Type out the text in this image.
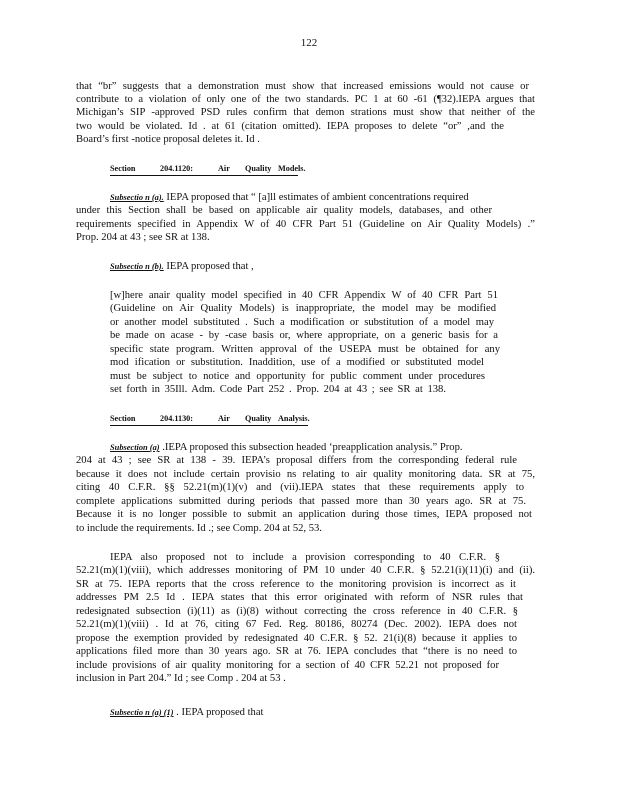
122
that “br” suggests that a demonstration must show that increased emissions would not cause or
contribute to a violation of only one of the two standards. PC 1 at 60 -61 (¶32).IEPA argues that
Michigan’s SIP -approved PSD rules confirm that demon strations must show that neither of the
two would be violated. Id . at 61 (citation omitted). IEPA proposes to delete “or” ,and the
Board’s first -notice proposal deletes it. Id .
Section	204.1120:	Air Quality Models.
Subsectio n (a). IEPA proposed that “ [a]ll estimates of ambient concentrations required
under this Section shall be based on applicable air quality models, databases, and other
requirements specified in Appendix W of 40 CFR Part 51 (Guideline on Air Quality Models) .”
Prop. 204 at 43 ; see SR at 138.
Subsectio n (b). IEPA proposed that ,
[w]here anair quality model specified in 40 CFR Appendix W of 40 CFR Part 51
(Guideline on Air Quality Models) is inappropriate, the model may be modified
or another model substituted . Such a modification or substitution of a model may
be made on acase - by -case basis or, where appropriate, on a generic basis for a
specific state program. Written approval of the USEPA must be obtained for any
mod ification or substitution. Inaddition, use of a modified or substituted model
must be subject to notice and opportunity for public comment under procedures
set forth in 35Ill. Adm. Code Part 252 . Prop. 204 at 43 ; see SR at 138.
Section	204.1130:	Air Quality Analysis.
Subsection (a) .IEPA proposed this subsection headed ‘preapplication analysis.” Prop.
204 at 43 ; see SR at 138 - 39. IEPA’s proposal differs from the corresponding federal rule
because it does not include certain provisio ns relating to air quality monitoring data. SR at 75,
citing 40 C.F.R. §§ 52.21(m)(1)(v) and (vii).IEPA states that these requirements apply to
complete applications submitted during periods that passed more than 30 years ago. SR at 75.
Because it is no longer possible to submit an application during those times, IEPA proposed not
to include the requirements. Id .; see Comp. 204 at 52, 53.
IEPA also proposed not to include a provision corresponding to 40 C.F.R. §
52.21(m)(1)(viii), which addresses monitoring of PM 10 under 40 C.F.R. § 52.21(i)(11)(i) and (ii).
SR at 75. IEPA reports that the cross reference to the monitoring provision is incorrect as it
addresses PM 2.5 Id . IEPA states that this error originated with reform of NSR rules that
redesignated subsection (i)(11) as (i)(8) without correcting the cross reference in 40 C.F.R. §
52.21(m)(1)(viii) . Id at 76, citing 67 Fed. Reg. 80186, 80274 (Dec. 2002). IEPA does not
propose the exemption provided by redesignated 40 C.F.R. § 52. 21(i)(8) because it applies to
applications filed more than 30 years ago. SR at 76. IEPA concludes that “there is no need to
include provisions of air quality monitoring for a section of 40 CFR 52.21 not proposed for
inclusion in Part 204.” Id ; see Comp . 204 at 53 .
Subsectio n (a) (1) . IEPA proposed that
